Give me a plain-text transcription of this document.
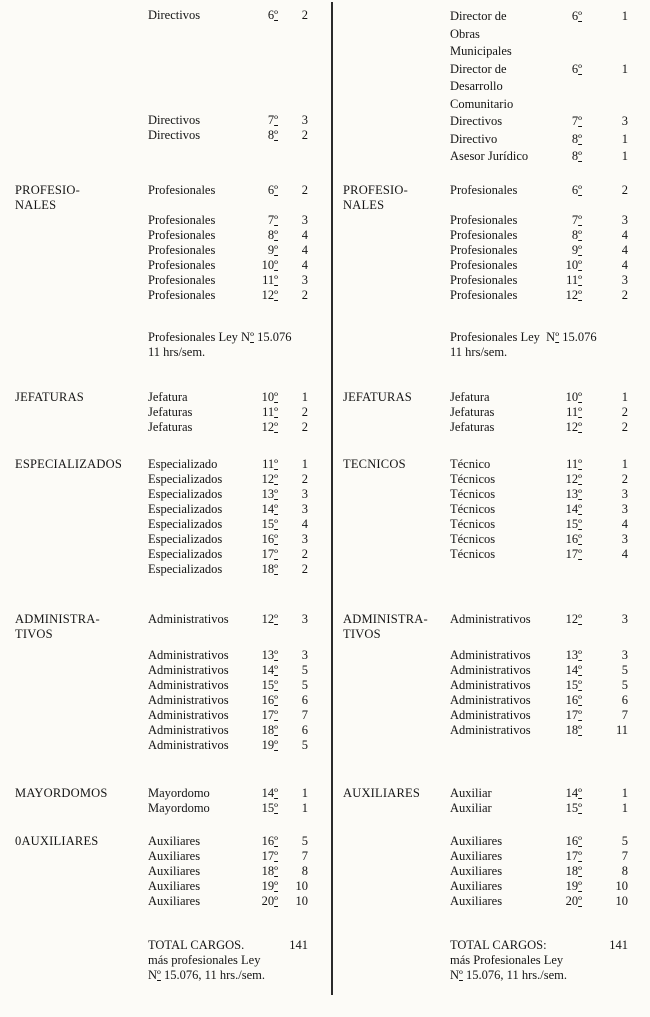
Directivos	6º	2
Directivos	7º	3
Directivos	8º	2
PROFESIO-
NALES
Profesionales	6º	2
Profesionales	7º	3
Profesionales	8º	4
Profesionales	9º	4
Profesionales	10º	4
Profesionales	11º	3
Profesionales	12º	2
Profesionales Ley Nº 15.076
11 hrs/sem.
JEFATURAS	Jefatura	10º	1
Jefaturas	11º	2
Jefaturas	12º	2
ESPECIALIZADOS Especializado	11º	1
Especializados	12º	2
Especializados	13º	3
Especializados	14º	3
Especializados	15º	4
Especializados	16º	3
Especializados	17º	2
Especializados	18º	2
ADMINISTRA-
TIVOS
Administrativos	12º	3
Administrativos	13º	3
Administrativos	14º	5
Administrativos	15º	5
Administrativos	16º	6
Administrativos	17º	7
Administrativos	18º	6
Administrativos	19º	5
MAYORDOMOS	Mayordomo	14º	1
Mayordomo	15º	1
0AUXILIARES	Auxiliares	16º	5
Auxiliares	17º	7
Auxiliares	18º	8
Auxiliares	19º	10
Auxiliares	20º	10
TOTAL CARGOS.	141
más profesionales Ley
Nº 15.076, 11 hrs./sem.
Director de
Obras
Municipales
6º	1
Director de
Desarrollo
Comunitario
6º	1
Directivos	7º	3
Directivo	8º	1
Asesor Jurídico	8º	1
PROFESIO-
NALES
Profesionales	6º	2
Profesionales	7º	3
Profesionales	8º	4
Profesionales	9º	4
Profesionales	10º	4
Profesionales	11º	3
Profesionales	12º	2
Profesionales Ley  Nº 15.076
11 hrs/sem.
JEFATURAS	Jefatura	10º	1
Jefaturas	11º	2
Jefaturas	12º	2
TECNICOS	Técnico	11º	1
Técnicos	12º	2
Técnicos	13º	3
Técnicos	14º	3
Técnicos	15º	4
Técnicos	16º	3
Técnicos	17º	4
ADMINISTRA-
TIVOS
Administrativos	12º	3
Administrativos	13º	3
Administrativos	14º	5
Administrativos	15º	5
Administrativos	16º	6
Administrativos	17º	7
Administrativos	18º	11
AUXILIARES Auxiliar	14º	1
Auxiliar	15º	1
Auxiliares	16º	5
Auxiliares	17º	7
Auxiliares	18º	8
Auxiliares	19º	10
Auxiliares	20º	10
TOTAL CARGOS:	141
más Profesionales Ley
Nº 15.076, 11 hrs./sem.
